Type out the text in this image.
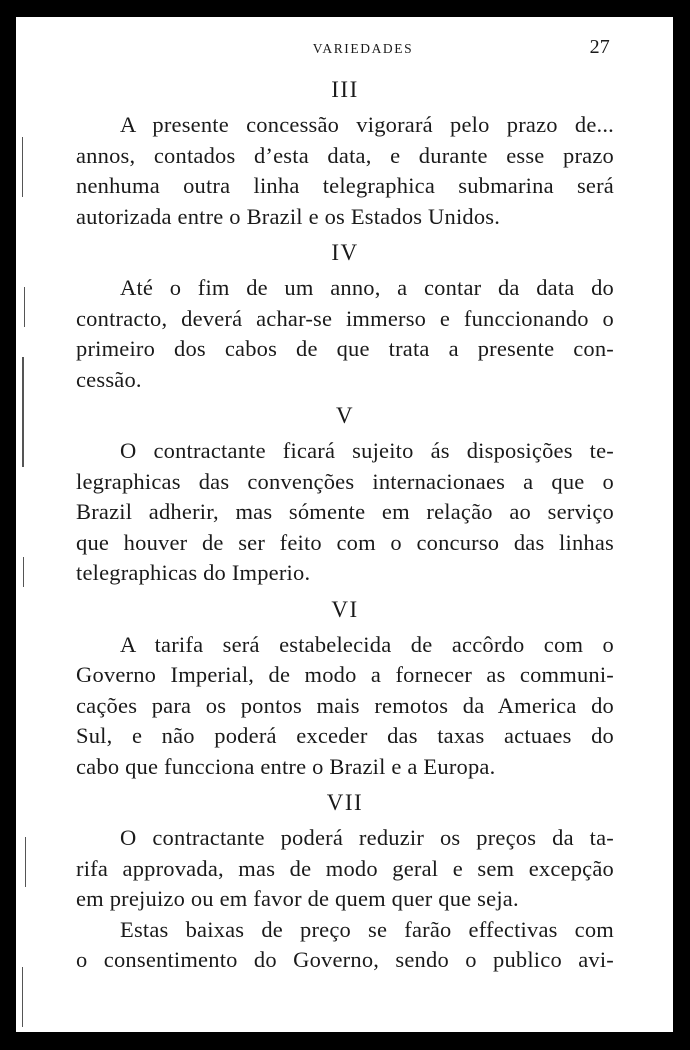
VARIEDADES	27
III

A presente concessão vigorará pelo prazo de...
annos, contados d’esta data, e durante esse prazo
nenhuma outra linha telegraphica submarina será
autorizada entre o Brazil e os Estados Unidos.

IV

Até o fim de um anno, a contar da data do
contracto, deverá achar-se immerso e funccionando o
primeiro dos cabos de que trata a presente con-
cessão.

V

O contractante ficará sujeito ás disposições te-
legraphicas das convenções internacionaes a que o
Brazil adherir, mas sómente em relação ao serviço
que houver de ser feito com o concurso das linhas
telegraphicas do Imperio.

VI

A tarifa será estabelecida de accôrdo com o
Governo Imperial, de modo a fornecer as communi-
cações para os pontos mais remotos da America do
Sul, e não poderá exceder das taxas actuaes do
cabo que funcciona entre o Brazil e a Europa.

VII

O contractante poderá reduzir os preços da ta-
rifa approvada, mas de modo geral e sem excepção
em prejuizo ou em favor de quem quer que seja.

Estas baixas de preço se farão effectivas com
o consentimento do Governo, sendo o publico avi-
